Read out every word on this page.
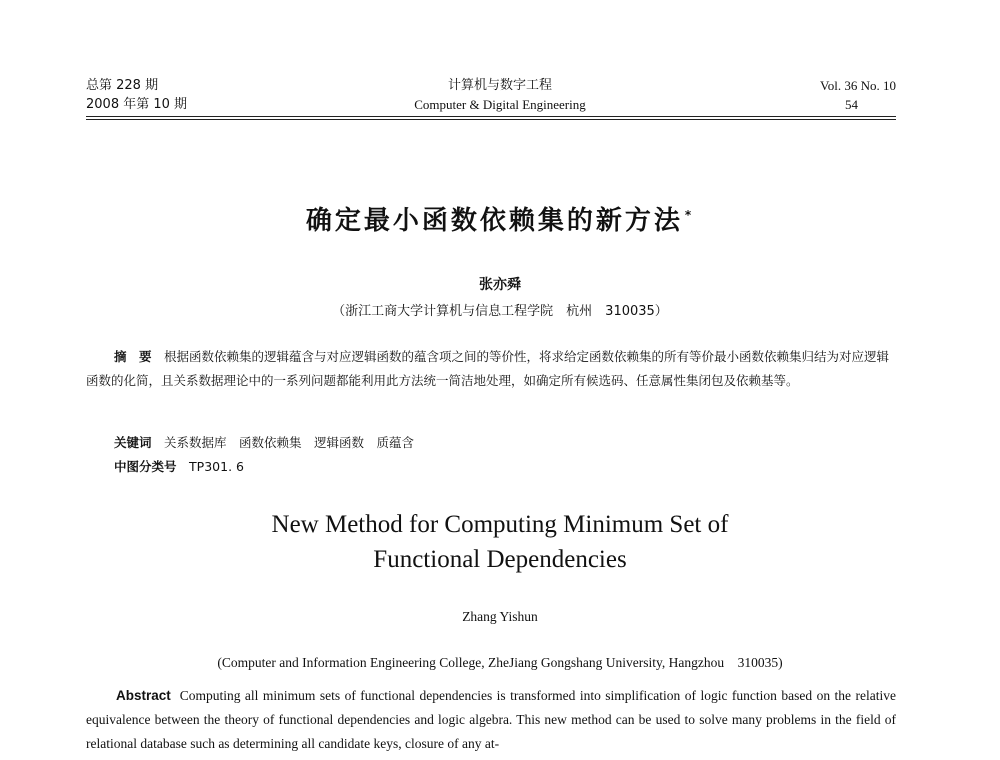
总第 228 期
2008 年第 10 期
计算机与数字工程
Computer & Digital Engineering
Vol. 36 No. 10
54
确定最小函数依赖集的新方法 *
张亦舜
（浙江工商大学计算机与信息工程学院　杭州　310035）
摘　要　 根据函数依赖集的逻辑蕴含与对应逻辑函数的蕴含项之间的等价性，将求给定函数依赖集的所有等价最小函数依赖集归结为对应逻辑函数的化简，且关系数据理论中的一系列问题都能利用此方法统一简洁地处理，如确定所有候选码、任意属性集闭包及依赖基等。
关键词　 关系数据库　函数依赖集　逻辑函数　质蕴含
中图分类号　 TP301. 6
New Method for Computing Minimum Set of
Functional Dependencies
Zhang Yishun
(Computer and Information Engineering College, ZheJiang Gongshang University, Hangzhou　310035)
Abstract Computing all minimum sets of functional dependencies is transformed into simplification of logic function based on the relative equivalence between the theory of functional dependencies and logic algebra. This new method can be used to solve many problems in the field of relational database such as determining all candidate keys, closure of any at-
